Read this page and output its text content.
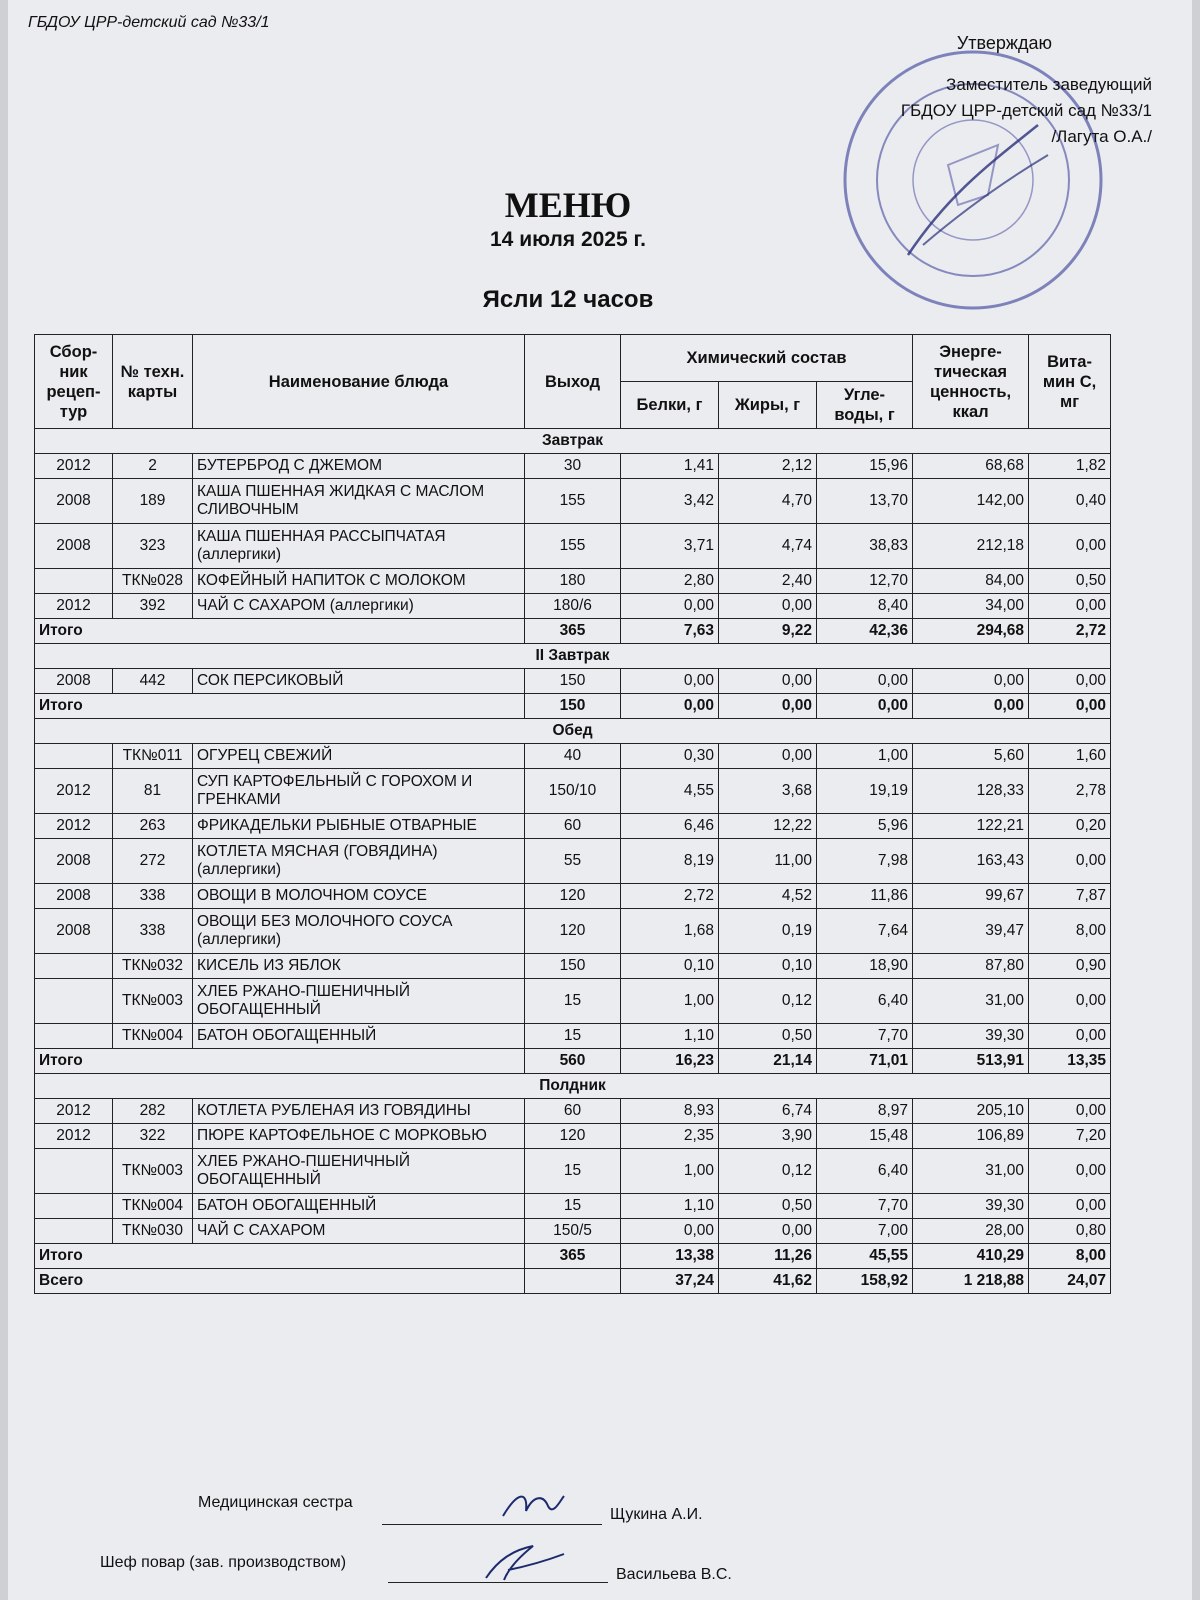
ГБДОУ ЦРР-детский сад №33/1
Утверждаю
Заместитель заведующий
ГБДОУ ЦРР-детский сад №33/1
/Лагута О.А./
МЕНЮ
14 июля 2025 г.
Ясли 12 часов
Сбор-ник рецеп-тур	№ техн. карты	Наименование блюда	Выход	Химический состав			Энерге-тическая ценность, ккал	Вита-мин С, мг
				Белки, г	Жиры, г	Угле-воды, г		
Завтрак								
2012	2	БУТЕРБРОД С ДЖЕМОМ	30	1,41	2,12	15,96	68,68	1,82
2008	189	КАША ПШЕННАЯ ЖИДКАЯ С МАСЛОМ СЛИВОЧНЫМ	155	3,42	4,70	13,70	142,00	0,40
2008	323	КАША ПШЕННАЯ РАССЫПЧАТАЯ (аллергики)	155	3,71	4,74	38,83	212,18	0,00
	ТК№028	КОФЕЙНЫЙ НАПИТОК С МОЛОКОМ	180	2,80	2,40	12,70	84,00	0,50
2012	392	ЧАЙ С САХАРОМ (аллергики)	180/6	0,00	0,00	8,40	34,00	0,00
Итого			365	7,63	9,22	42,36	294,68	2,72
II Завтрак								
2008	442	СОК ПЕРСИКОВЫЙ	150	0,00	0,00	0,00	0,00	0,00
Итого			150	0,00	0,00	0,00	0,00	0,00
Обед								
	ТК№011	ОГУРЕЦ СВЕЖИЙ	40	0,30	0,00	1,00	5,60	1,60
2012	81	СУП КАРТОФЕЛЬНЫЙ С ГОРОХОМ И ГРЕНКАМИ	150/10	4,55	3,68	19,19	128,33	2,78
2012	263	ФРИКАДЕЛЬКИ РЫБНЫЕ ОТВАРНЫЕ	60	6,46	12,22	5,96	122,21	0,20
2008	272	КОТЛЕТА МЯСНАЯ (ГОВЯДИНА) (аллергики)	55	8,19	11,00	7,98	163,43	0,00
2008	338	ОВОЩИ В МОЛОЧНОМ СОУСЕ	120	2,72	4,52	11,86	99,67	7,87
2008	338	ОВОЩИ БЕЗ МОЛОЧНОГО СОУСА (аллергики)	120	1,68	0,19	7,64	39,47	8,00
	ТК№032	КИСЕЛЬ ИЗ ЯБЛОК	150	0,10	0,10	18,90	87,80	0,90
	ТК№003	ХЛЕБ РЖАНО-ПШЕНИЧНЫЙ ОБОГАЩЕННЫЙ	15	1,00	0,12	6,40	31,00	0,00
	ТК№004	БАТОН ОБОГАЩЕННЫЙ	15	1,10	0,50	7,70	39,30	0,00
Итого			560	16,23	21,14	71,01	513,91	13,35
Полдник								
2012	282	КОТЛЕТА РУБЛЕНАЯ ИЗ ГОВЯДИНЫ	60	8,93	6,74	8,97	205,10	0,00
2012	322	ПЮРЕ КАРТОФЕЛЬНОЕ С МОРКОВЬЮ	120	2,35	3,90	15,48	106,89	7,20
	ТК№003	ХЛЕБ РЖАНО-ПШЕНИЧНЫЙ ОБОГАЩЕННЫЙ	15	1,00	0,12	6,40	31,00	0,00
	ТК№004	БАТОН ОБОГАЩЕННЫЙ	15	1,10	0,50	7,70	39,30	0,00
	ТК№030	ЧАЙ С САХАРОМ	150/5	0,00	0,00	7,00	28,00	0,80
Итого			365	13,38	11,26	45,55	410,29	8,00
Всего				37,24	41,62	158,92	1 218,88	24,07
Медицинская сестра
Щукина А.И.
Шеф повар (зав. производством)
Васильева В.С.
